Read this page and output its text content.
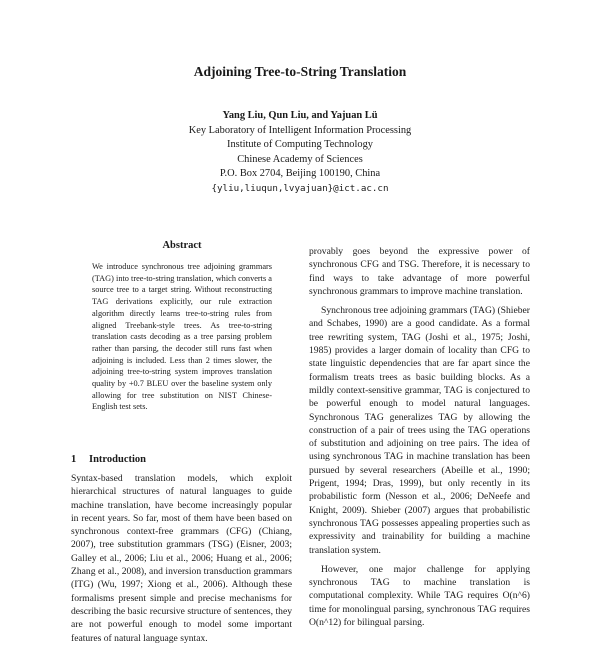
Adjoining Tree-to-String Translation
Yang Liu, Qun Liu, and Yajuan Lü
Key Laboratory of Intelligent Information Processing
Institute of Computing Technology
Chinese Academy of Sciences
P.O. Box 2704, Beijing 100190, China
{yliu,liuqun,lvyajuan}@ict.ac.cn
Abstract
We introduce synchronous tree adjoining grammars (TAG) into tree-to-string translation, which converts a source tree to a target string. Without reconstructing TAG derivations explicitly, our rule extraction algorithm directly learns tree-to-string rules from aligned Treebank-style trees. As tree-to-string translation casts decoding as a tree parsing problem rather than parsing, the decoder still runs fast when adjoining is included. Less than 2 times slower, the adjoining tree-to-string system improves translation quality by +0.7 BLEU over the baseline system only allowing for tree substitution on NIST Chinese-English test sets.
1 Introduction

Syntax-based translation models, which exploit hierarchical structures of natural languages to guide machine translation, have become increasingly popular in recent years. So far, most of them have been based on synchronous context-free grammars (CFG) (Chiang, 2007), tree substitution grammars (TSG) (Eisner, 2003; Galley et al., 2006; Liu et al., 2006; Huang et al., 2006; Zhang et al., 2008), and inversion transduction grammars (ITG) (Wu, 1997; Xiong et al., 2006). Although these formalisms present simple and precise mechanisms for describing the basic recursive structure of sentences, they are not powerful enough to model some important features of natural language syntax.

provably goes beyond the expressive power of synchronous CFG and TSG. Therefore, it is necessary to find ways to take advantage of more powerful synchronous grammars to improve machine translation.

Synchronous tree adjoining grammars (TAG) (Shieber and Schabes, 1990) are a good candidate. As a formal tree rewriting system, TAG (Joshi et al., 1975; Joshi, 1985) provides a larger domain of locality than CFG to state linguistic dependencies that are far apart since the formalism treats trees as basic building blocks. As a mildly context-sensitive grammar, TAG is conjectured to be powerful enough to model natural languages. Synchronous TAG generalizes TAG by allowing the construction of a pair of trees using the TAG operations of substitution and adjoining on tree pairs. The idea of using synchronous TAG in machine translation has been pursued by several researchers (Abeille et al., 1990; Prigent, 1994; Dras, 1999), but only recently in its probabilistic form (Nesson et al., 2006; DeNeefe and Knight, 2009). Shieber (2007) argues that probabilistic synchronous TAG possesses appealing properties such as expressivity and trainability for building a machine translation system.

However, one major challenge for applying synchronous TAG to machine translation is computational complexity. While TAG requires O(n^6) time for monolingual parsing, synchronous TAG requires O(n^12) for bilingual parsing.
